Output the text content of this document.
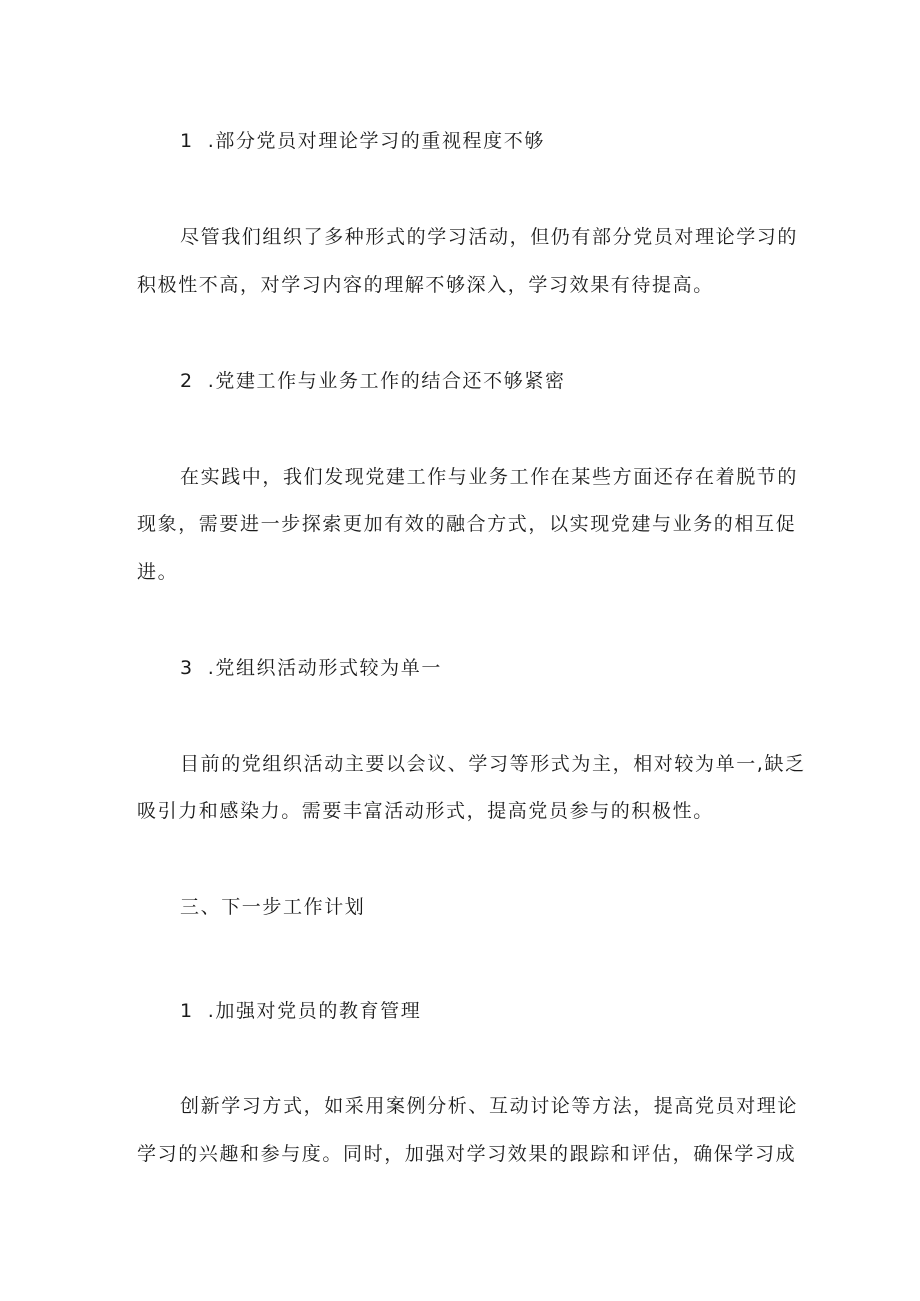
1 .部分党员对理论学习的重视程度不够
尽管我们组织了多种形式的学习活动，但仍有部分党员对理论学习的
积极性不高，对学习内容的理解不够深入，学习效果有待提高。
2 .党建工作与业务工作的结合还不够紧密
在实践中，我们发现党建工作与业务工作在某些方面还存在着脱节的
现象，需要进一步探索更加有效的融合方式，以实现党建与业务的相互促
进。
3 .党组织活动形式较为单一
目前的党组织活动主要以会议、学习等形式为主，相对较为单一,缺乏
吸引力和感染力。需要丰富活动形式，提高党员参与的积极性。
三、下一步工作计划
1 .加强对党员的教育管理
创新学习方式，如采用案例分析、互动讨论等方法，提高党员对理论
学习的兴趣和参与度。同时，加强对学习效果的跟踪和评估，确保学习成
